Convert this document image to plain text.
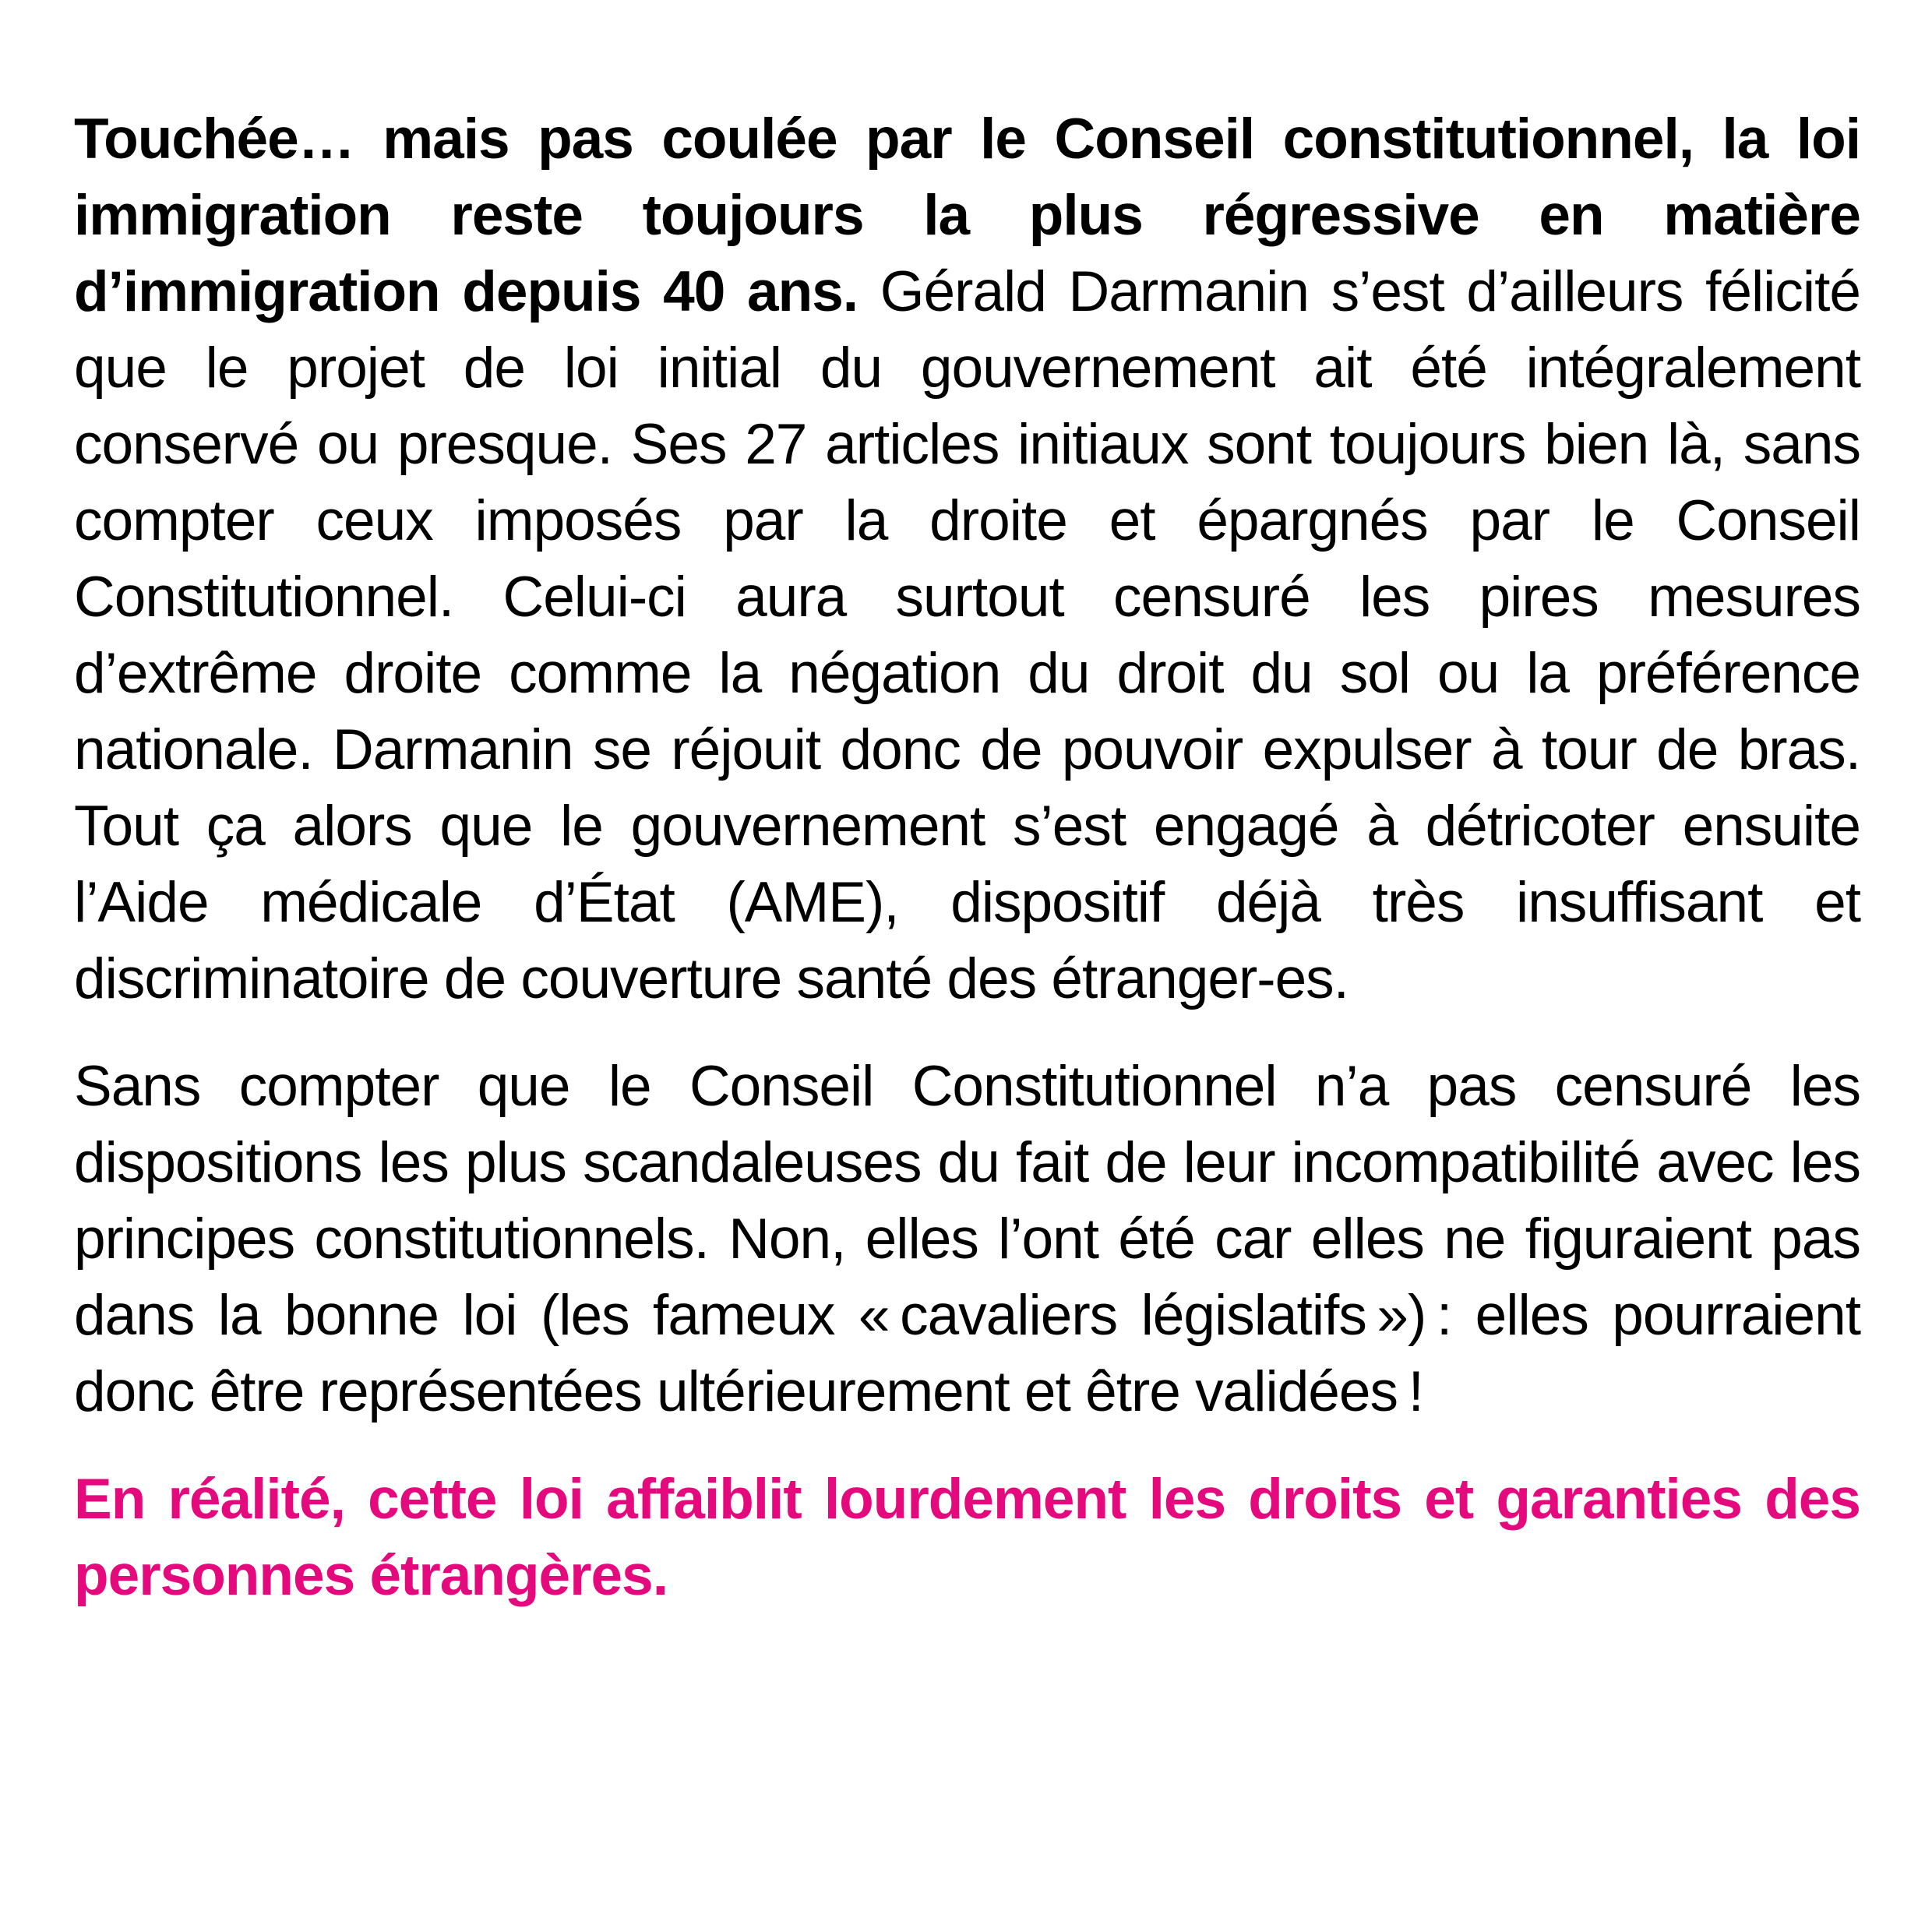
Touchée… mais pas coulée par le Conseil constitutionnel, la loi immigration reste toujours la plus régressive en matière d’immigration depuis 40 ans. Gérald Darmanin s’est d’ailleurs félicité que le projet de loi initial du gouvernement ait été intégralement conservé ou presque. Ses 27 articles initiaux sont toujours bien là, sans compter ceux imposés par la droite et épargnés par le Conseil Constitutionnel. Celui-ci aura surtout censuré les pires mesures d’extrême droite comme la négation du droit du sol ou la préférence nationale. Darmanin se réjouit donc de pouvoir expulser à tour de bras. Tout ça alors que le gouvernement s’est engagé à détricoter ensuite l’Aide médicale d’État (AME), dispositif déjà très insuffisant et discriminatoire de couverture santé des étranger-es.

Sans compter que le Conseil Constitutionnel n’a pas censuré les dispositions les plus scandaleuses du fait de leur incompatibilité avec les principes constitutionnels. Non, elles l’ont été car elles ne figuraient pas dans la bonne loi (les fameux « cavaliers législatifs ») : elles pourraient donc être représentées ultérieurement et être validées !

En réalité, cette loi affaiblit lourdement les droits et garanties des personnes étrangères.
